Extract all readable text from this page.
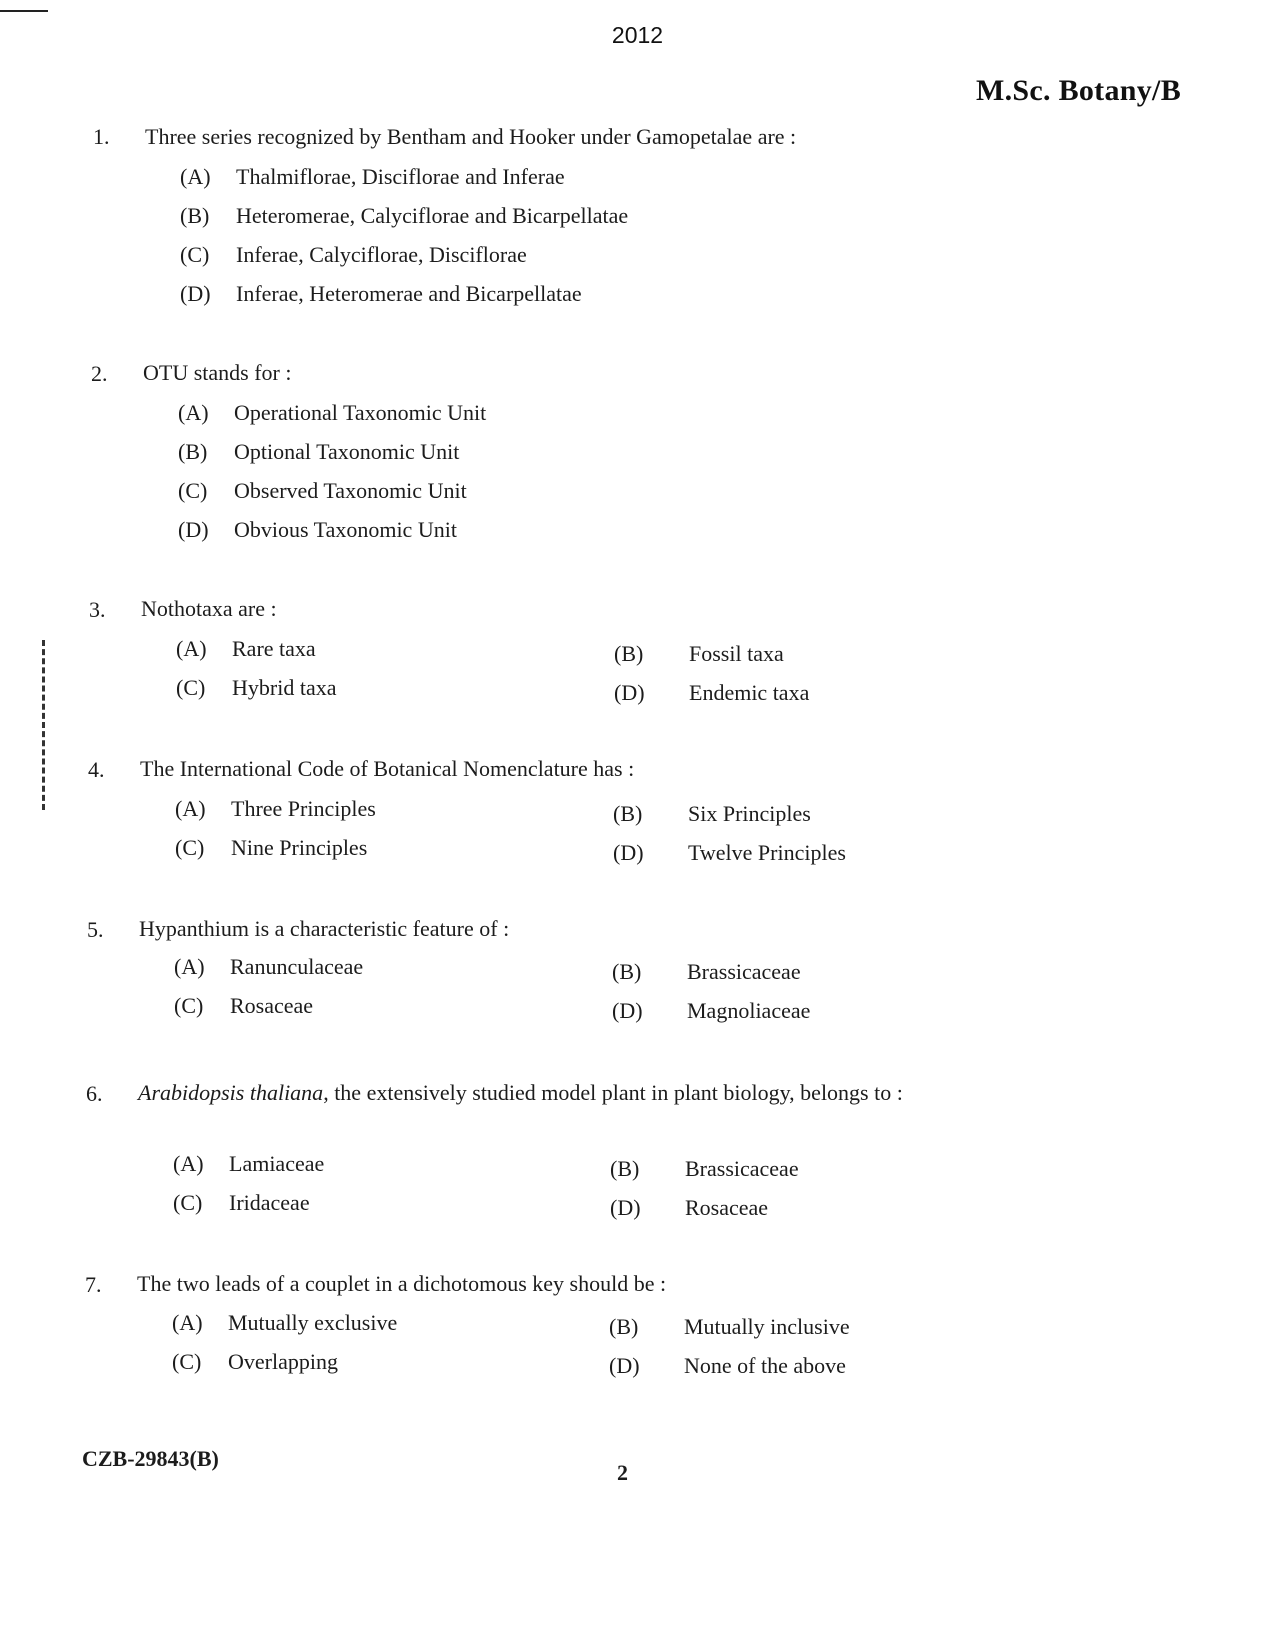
2012
M.Sc. Botany/B
1. Three series recognized by Bentham and Hooker under Gamopetalae are :
(A) Thalmiflorae, Disciflorae and Inferae
(B) Heteromerae, Calyciflorae and Bicarpellatae
(C) Inferae, Calyciflorae, Disciflorae
(D) Inferae, Heteromerae and Bicarpellatae
2. OTU stands for :
(A) Operational Taxonomic Unit
(B) Optional Taxonomic Unit
(C) Observed Taxonomic Unit
(D) Obvious Taxonomic Unit
3. Nothotaxa are :
(A) Rare taxa	(B) Fossil taxa
(C) Hybrid taxa	(D) Endemic taxa
4. The International Code of Botanical Nomenclature has :
(A) Three Principles	(B) Six Principles
(C) Nine Principles	(D) Twelve Principles
5. Hypanthium is a characteristic feature of :
(A) Ranunculaceae	(B) Brassicaceae
(C) Rosaceae	(D) Magnoliaceae
6. Arabidopsis thaliana, the extensively studied model plant in plant biology, belongs to :
(A) Lamiaceae	(B) Brassicaceae
(C) Iridaceae	(D) Rosaceae
7. The two leads of a couplet in a dichotomous key should be :
(A) Mutually exclusive	(B) Mutually inclusive
(C) Overlapping	(D) None of the above
CZB-29843(B)
2
